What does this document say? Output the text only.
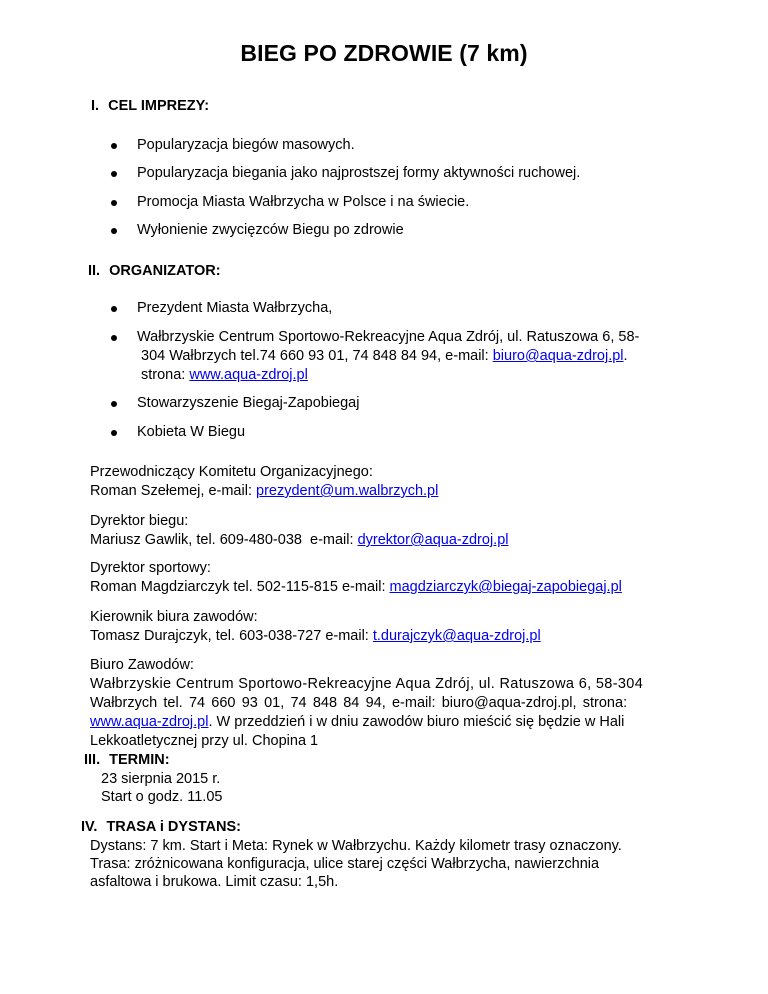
BIEG PO ZDROWIE (7 km)
I. CEL IMPREZY:
Popularyzacja biegów masowych.
Popularyzacja biegania jako najprostszej formy aktywności ruchowej.
Promocja Miasta Wałbrzycha w Polsce i na świecie.
Wyłonienie zwycięzców Biegu po zdrowie
II. ORGANIZATOR:
Prezydent Miasta Wałbrzycha,
Wałbrzyskie Centrum Sportowo-Rekreacyjne Aqua Zdrój, ul. Ratuszowa 6, 58-
304 Wałbrzych tel.74 660 93 01, 74 848 84 94, e-mail: biuro@aqua-zdroj.pl.
strona: www.aqua-zdroj.pl
Stowarzyszenie Biegaj-Zapobiegaj
Kobieta W Biegu
Przewodniczący Komitetu Organizacyjnego:
Roman Szełemej, e-mail: prezydent@um.walbrzych.pl
Dyrektor biegu:
Mariusz Gawlik, tel. 609-480-038  e-mail: dyrektor@aqua-zdroj.pl
Dyrektor sportowy:
Roman Magdziarczyk tel. 502-115-815 e-mail: magdziarczyk@biegaj-zapobiegaj.pl
Kierownik biura zawodów:
Tomasz Durajczyk, tel. 603-038-727 e-mail: t.durajczyk@aqua-zdroj.pl
Biuro Zawodów:
Wałbrzyskie Centrum Sportowo-Rekreacyjne Aqua Zdrój, ul. Ratuszowa 6, 58-304
Wałbrzych tel. 74 660 93 01, 74 848 84 94, e-mail: biuro@aqua-zdroj.pl, strona:
www.aqua-zdroj.pl. W przeddzień i w dniu zawodów biuro mieścić się będzie w Hali
Lekkoatletycznej przy ul. Chopina 1
III. TERMIN:
23 sierpnia 2015 r.
Start o godz. 11.05
IV. TRASA i DYSTANS:
Dystans: 7 km. Start i Meta: Rynek w Wałbrzychu. Każdy kilometr trasy oznaczony.
Trasa: zróżnicowana konfiguracja, ulice starej części Wałbrzycha, nawierzchnia
asfaltowa i brukowa. Limit czasu: 1,5h.
